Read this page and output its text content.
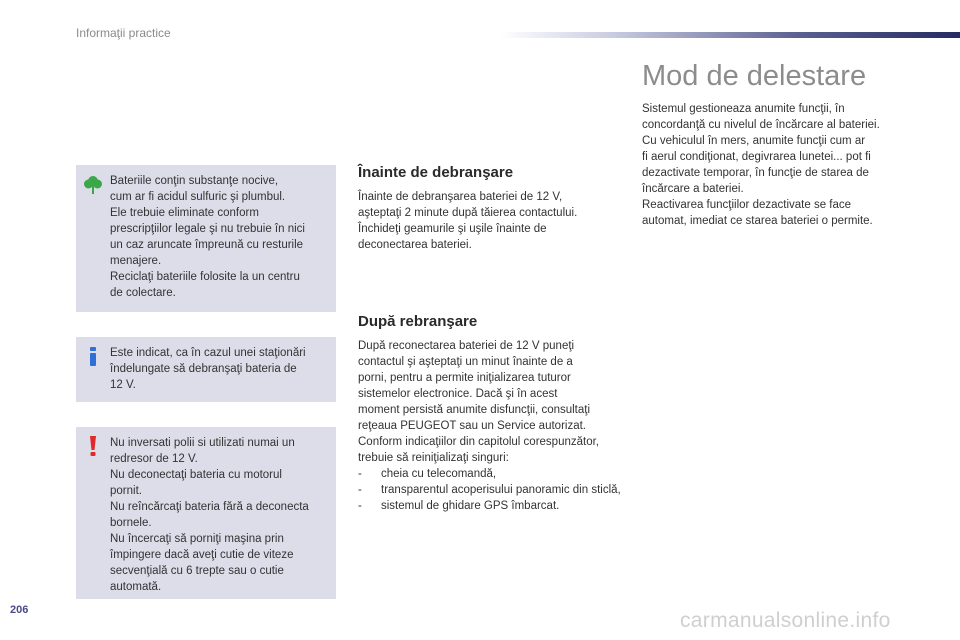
Informaţii practice

Bateriile conţin substanţe nocive,

cum ar fi acidul sulfuric şi plumbul.

Ele trebuie eliminate conform

prescripţiilor legale şi nu trebuie în nici

un caz aruncate împreună cu resturile

menajere.

Reciclaţi bateriile folosite la un centru

de colectare.

Este indicat, ca în cazul unei staţionări

îndelungate să debranşaţi bateria de

12 V.

Nu inversati polii si utilizati numai un

redresor de 12 V.

Nu deconectaţi bateria cu motorul

pornit.

Nu reîncărcaţi bateria fără a deconecta

bornele.

Nu încercaţi să porniţi maşina prin

împingere dacă aveţi cutie de viteze

secvenţială cu 6 trepte sau o cutie

automată.

Înainte de debranşare

Înainte de debranşarea bateriei de 12 V,

aşteptaţi 2 minute după tăierea contactului.

Închideţi geamurile şi uşile înainte de

deconectarea bateriei.

După rebranşare

După reconectarea bateriei de 12 V puneţi

contactul şi aşteptaţi un minut înainte de a

porni, pentru a permite iniţializarea tuturor

sistemelor electronice. Dacă şi în acest

moment persistă anumite disfuncţii, consultaţi

reţeaua PEUGEOT sau un Service autorizat.

Conform indicaţiilor din capitolul corespunzător,

trebuie să reiniţializaţi singuri:

- cheia cu telecomandă,
- transparentul acoperisului panoramic din sticlă,
- sistemul de ghidare GPS îmbarcat.
Mod de delestare

Sistemul gestioneaza anumite funcţii, în

concordanţă cu nivelul de încărcare al bateriei.

Cu vehiculul în mers, anumite funcţii cum ar

fi aerul condiţionat, degivrarea lunetei... pot fi

dezactivate temporar, în funcţie de starea de

încărcare a bateriei.

Reactivarea funcţiilor dezactivate se face

automat, imediat ce starea bateriei o permite.

206	carmanualsonline.info
